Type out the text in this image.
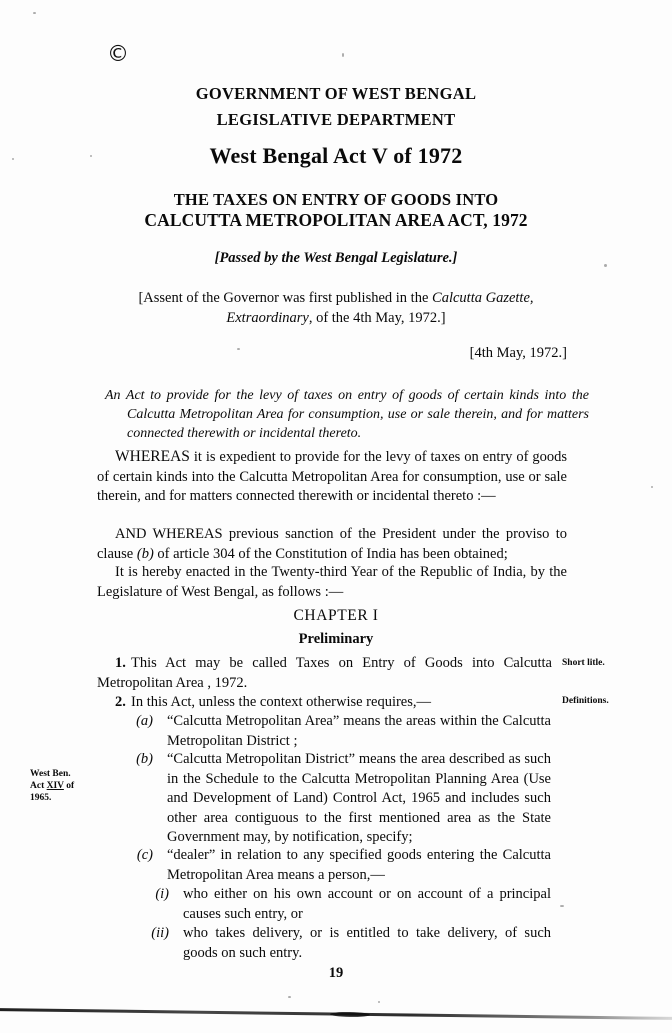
©
GOVERNMENT OF WEST BENGAL
LEGISLATIVE DEPARTMENT
West Bengal Act V of 1972
THE TAXES ON ENTRY OF GOODS INTO
CALCUTTA METROPOLITAN AREA ACT, 1972
[Passed by the West Bengal Legislature.]
[Assent of the Governor was first published in the Calcutta Gazette, Extraordinary, of the 4th May, 1972.]
[4th May, 1972.]
An Act to provide for the levy of taxes on entry of goods of certain kinds into the Calcutta Metropolitan Area for consumption, use or sale therein, and for matters connected therewith or incidental thereto.
WHEREAS it is expedient to provide for the levy of taxes on entry of goods of certain kinds into the Calcutta Metropolitan Area for consumption, use or sale therein, and for matters connected therewith or incidental thereto :—
AND WHEREAS previous sanction of the President under the proviso to clause (b) of article 304 of the Constitution of India has been obtained;
It is hereby enacted in the Twenty-third Year of the Republic of India, by the Legislature of West Bengal, as follows :—
CHAPTER I
Preliminary
1. This Act may be called Taxes on Entry of Goods into Calcutta Metropolitan Area , 1972.
Short litle.
2. In this Act, unless the context otherwise requires,—	Definitions.
(a) “Calcutta Metropolitan Area” means the areas within the Calcutta Metropolitan District ;
(b) “Calcutta Metropolitan District” means the area described as such in the Schedule to the Calcutta Metropolitan Planning Area (Use and Development of Land) Control Act, 1965 and includes such other area contiguous to the first mentioned area as the State Government may, by notification, specify;
West Ben.
Act XIV of
1965.
(c) “dealer” in relation to any specified goods entering the Calcutta Metropolitan Area means a person,—
(i) who either on his own account or on account of a principal causes such entry, or
(ii) who takes delivery, or is entitled to take delivery, of such goods on such entry.
19
